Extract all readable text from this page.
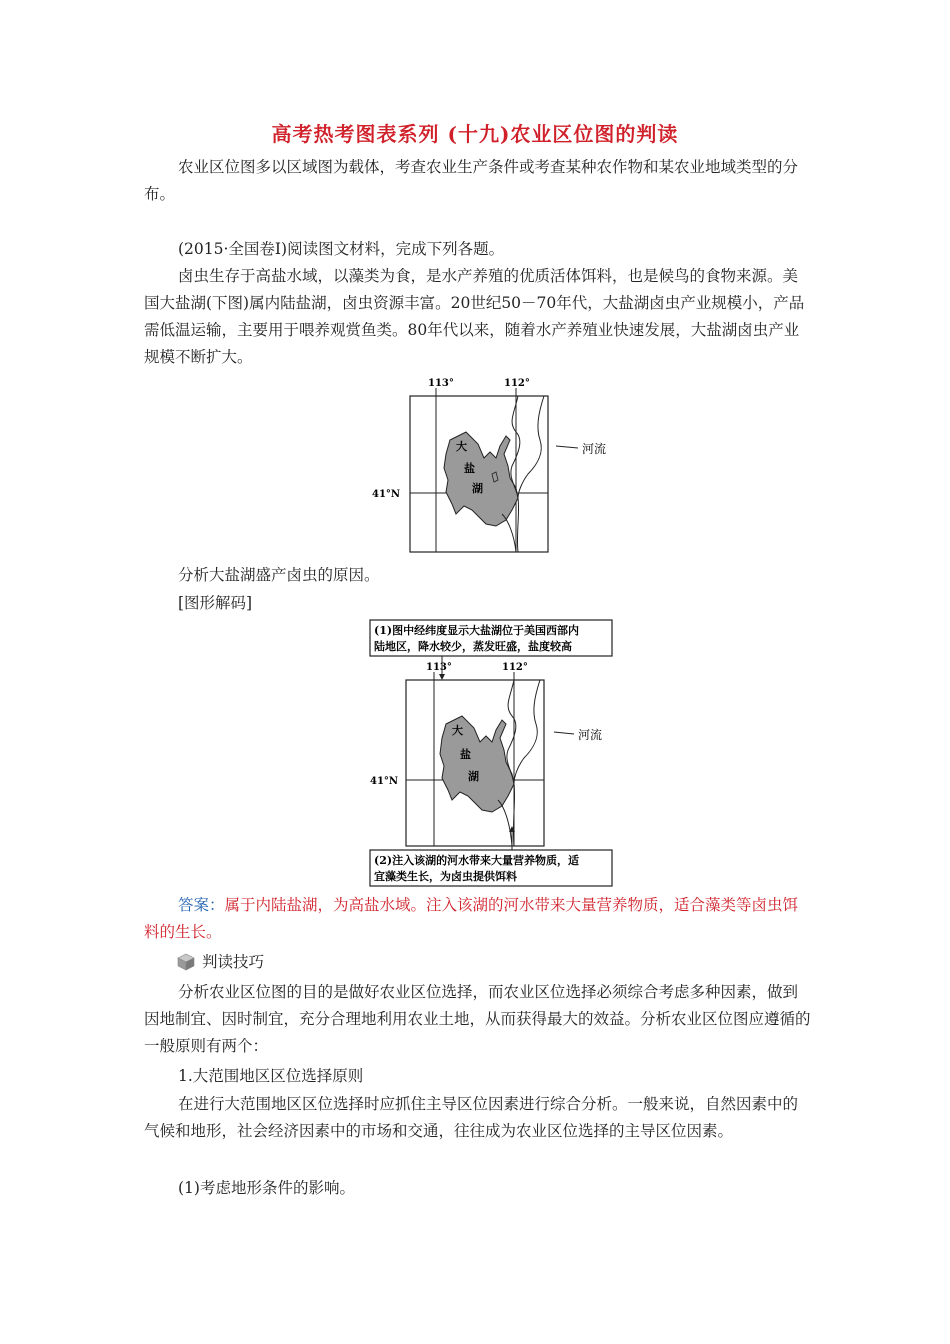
高考热考图表系列 (十九)农业区位图的判读
农业区位图多以区域图为载体，考查农业生产条件或考查某种农作物和某农业地域类型的分布。
(2015·全国卷Ⅰ)阅读图文材料，完成下列各题。
卤虫生存于高盐水域，以藻类为食，是水产养殖的优质活体饵料，也是候鸟的食物来源。美国大盐湖(下图)属内陆盐湖，卤虫资源丰富。20世纪50－70年代，大盐湖卤虫产业规模小，产品需低温运输，主要用于喂养观赏鱼类。80年代以来，随着水产养殖业快速发展，大盐湖卤虫产业规模不断扩大。
113°	112°
41°N
大
盐
湖
河流
分析大盐湖盛产卤虫的原因。
[图形解码]
(1)图中经纬度显示大盐湖位于美国西部内
陆地区，降水较少，蒸发旺盛，盐度较高
113°	112°
41°N
大
盐
湖
河流
(2)注入该湖的河水带来大量营养物质，适
宜藻类生长，为卤虫提供饵料
答案：属于内陆盐湖，为高盐水域。注入该湖的河水带来大量营养物质，适合藻类等卤虫饵料的生长。
判读技巧
分析农业区位图的目的是做好农业区位选择，而农业区位选择必须综合考虑多种因素，做到因地制宜、因时制宜，充分合理地利用农业土地，从而获得最大的效益。分析农业区位图应遵循的一般原则有两个：
1.大范围地区区位选择原则
在进行大范围地区区位选择时应抓住主导区位因素进行综合分析。一般来说，自然因素中的气候和地形，社会经济因素中的市场和交通，往往成为农业区位选择的主导区位因素。
(1)考虑地形条件的影响。
